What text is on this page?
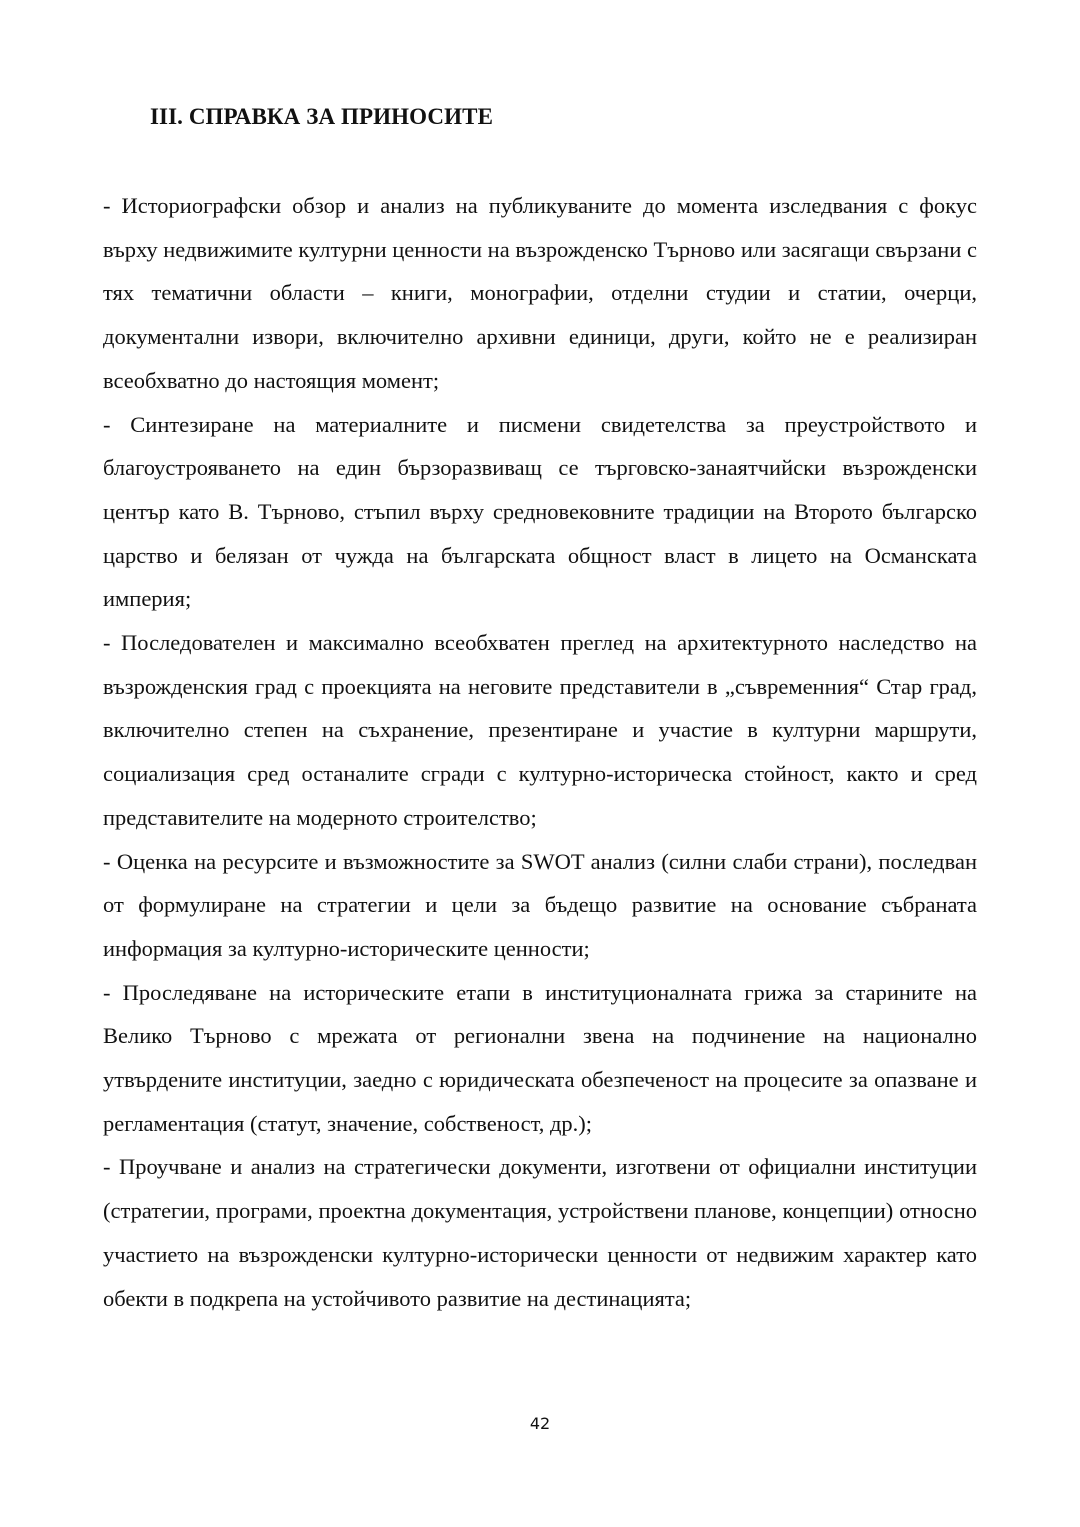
III. СПРАВКА ЗА ПРИНОСИТЕ

- Историографски обзор и анализ на публикуваните до момента изследвания с фокус върху недвижимите културни ценности на възрожденско Търново или засягащи свързани с тях тематични области – книги, монографии, отделни студии и статии, очерци, документални извори, включително архивни единици, други, който не е реализиран всеобхватно до настоящия момент;

- Синтезиране на материалните и писмени свидетелства за преустройството и благоустрояването на един бързоразвиващ се търговско-занаятчийски възрожденски център като В. Търново, стъпил върху средновековните традиции на Второто българско царство и белязан от чужда на българската общност власт в лицето на Османската империя;

- Последователен и максимално всеобхватен преглед на архитектурното наследство на възрожденския град с проекцията на неговите представители в „съвременния“ Стар град, включително степен на съхранение, презентиране и участие в културни маршрути, социализация сред останалите сгради с културно-историческа стойност, както и сред представителите на модерното строителство;

- Оценка на ресурсите и възможностите за SWOT анализ (силни слаби страни), последван от формулиране на стратегии и цели за бъдещо развитие на основание събраната информация за културно-историческите ценности;

- Проследяване на историческите етапи в институционалната грижа за старините на Велико Търново с мрежата от регионални звена на подчинение на национално утвърдените институции, заедно с юридическата обезпеченост на процесите за опазване и регламентация (статут, значение, собственост, др.);

- Проучване и анализ на стратегически документи, изготвени от официални институции (стратегии, програми, проектна документация, устройствени планове, концепции) относно участието на възрожденски културно-исторически ценности от недвижим характер като обекти в подкрепа на устойчивото развитие на дестинацията;

42
